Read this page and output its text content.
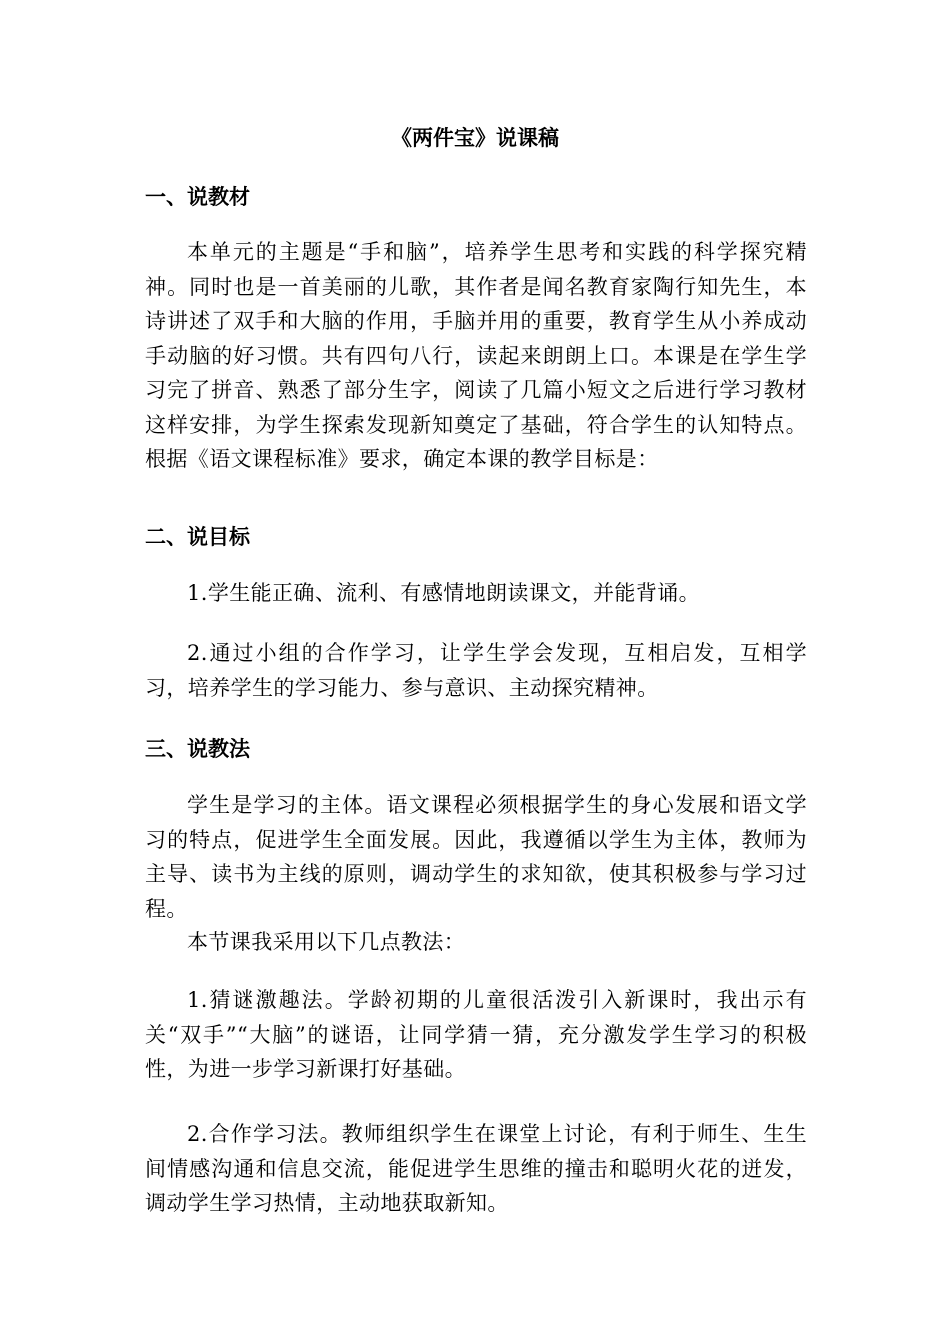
《两件宝》说课稿
一、说教材

本单元的主题是“手和脑”，培养学生思考和实践的科学探究精神。同时也是一首美丽的儿歌，其作者是闻名教育家陶行知先生，本诗讲述了双手和大脑的作用，手脑并用的重要，教育学生从小养成动手动脑的好习惯。共有四句八行，读起来朗朗上口。本课是在学生学习完了拼音、熟悉了部分生字，阅读了几篇小短文之后进行学习教材这样安排，为学生探索发现新知奠定了基础，符合学生的认知特点。根据《语文课程标准》要求，确定本课的教学目标是：

二、说目标

1.学生能正确、流利、有感情地朗读课文，并能背诵。

2.通过小组的合作学习，让学生学会发现，互相启发，互相学习，培养学生的学习能力、参与意识、主动探究精神。

三、说教法

学生是学习的主体。语文课程必须根据学生的身心发展和语文学习的特点，促进学生全面发展。因此，我遵循以学生为主体，教师为主导、读书为主线的原则，调动学生的求知欲，使其积极参与学习过程。

本节课我采用以下几点教法：

1.猜谜激趣法。学龄初期的儿童很活泼引入新课时，我出示有关“双手”“大脑”的谜语，让同学猜一猜，充分激发学生学习的积极性，为进一步学习新课打好基础。

2.合作学习法。教师组织学生在课堂上讨论，有利于师生、生生间情感沟通和信息交流，能促进学生思维的撞击和聪明火花的迸发，调动学生学习热情，主动地获取新知。
